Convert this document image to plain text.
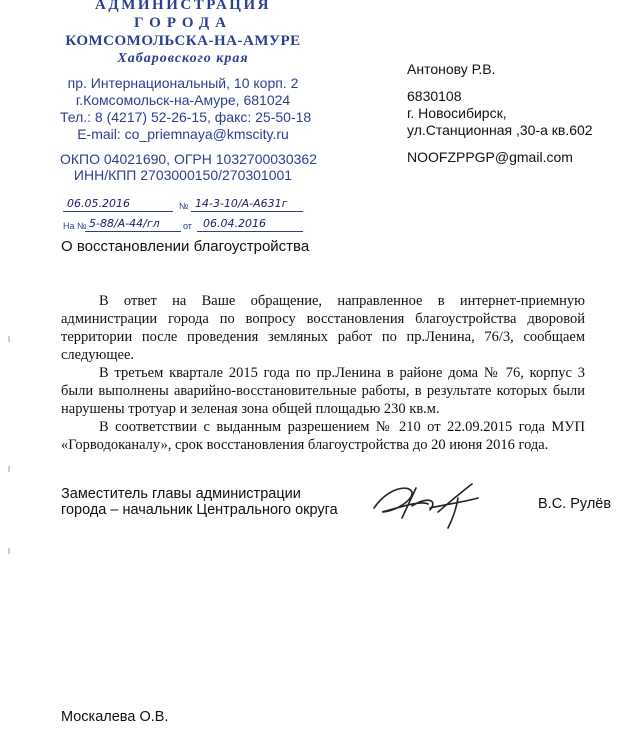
АДМИНИСТРАЦИЯ
ГОРОДА
КОМСОМОЛЬСКА-НА-АМУРЕ
Хабаровского края
пр. Интернациональный, 10 корп. 2
г.Комсомольск-на-Амуре, 681024
Тел.: 8 (4217) 52-26-15, факс: 25-50-18
E-mail: co_priemnaya@kmscity.ru
ОКПО 04021690, ОГРН 1032700030362
ИНН/КПП 2703000150/270301001
06.05.2016	№ 14-3-10/А-А631г
На № 5-88/А-44/гл	от 06.04.2016
Антонову Р.В.
6830108
г. Новосибирск,
ул.Станционная ,30-а кв.602
NOOFZPPGP@gmail.com
О восстановлении благоустройства

В ответ на Ваше обращение, направленное в интернет-приемную администрации города по вопросу восстановления благоустройства дворовой территории после проведения земляных работ по пр.Ленина, 76/3, сообщаем следующее.

В третьем квартале 2015 года по пр.Ленина в районе дома № 76, корпус 3 были выполнены аварийно-восстановительные работы, в результате которых были нарушены тротуар и зеленая зона общей площадью 230 кв.м.

В соответствии с выданным разрешением № 210 от 22.09.2015 года МУП «Горводоканалу», срок восстановления благоустройства до 20 июня 2016 года.

Заместитель главы администрации
города – начальник Центрального округа	В.С. Рулёв
Москалева О.В.
